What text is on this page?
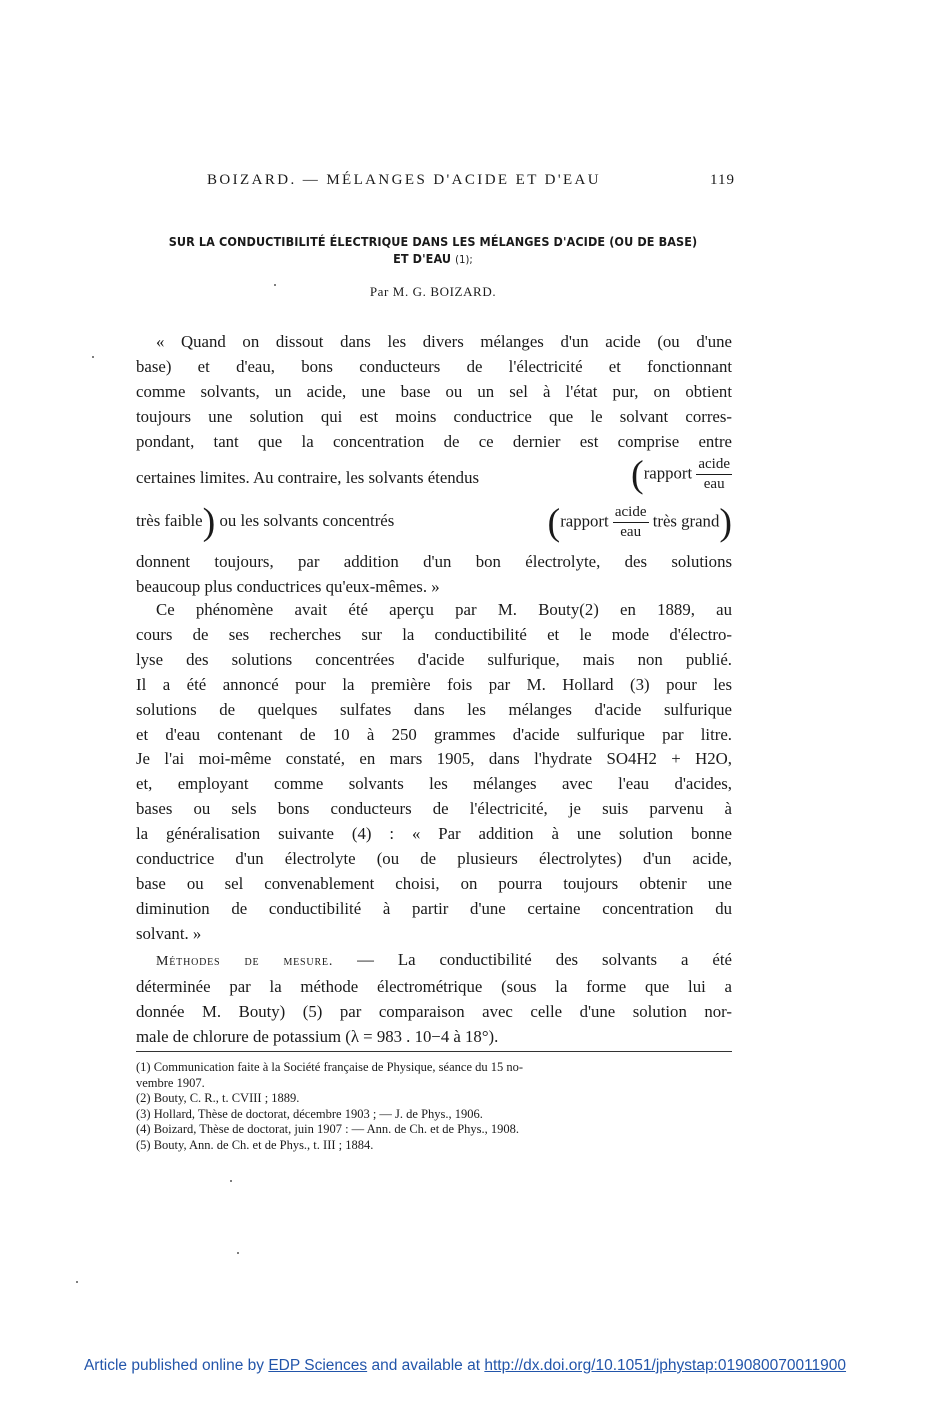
BOIZARD. — MÉLANGES D'ACIDE ET D'EAU	119
SUR LA CONDUCTIBILITÉ ÉLECTRIQUE DANS LES MÉLANGES D'ACIDE (OU DE BASE)
ET D'EAU (1);
Par M. G. BOIZARD.
« Quand on dissout dans les divers mélanges d'un acide (ou d'une
base) et d'eau, bons conducteurs de l'électricité et fonctionnant
comme solvants, un acide, une base ou un sel à l'état pur, on obtient
toujours une solution qui est moins conductrice que le solvant corres-
pondant, tant que la concentration de ce dernier est comprise entre
certaines limites. Au contraire, les solvants étendus	(rapport $\frac{\text{acide}}{\text{eau}}$
très faible) ou les solvants concentrés	(rapport $\frac{\text{acide}}{\text{eau}}$ très grand)
donnent toujours, par addition d'un bon électrolyte, des solutions
beaucoup plus conductrices qu'eux-mêmes. »
Ce phénomène avait été aperçu par M. Bouty(2) en 1889, au
cours de ses recherches sur la conductibilité et le mode d'électro-
lyse des solutions concentrées d'acide sulfurique, mais non publié.
Il a été annoncé pour la première fois par M. Hollard (3) pour les
solutions de quelques sulfates dans les mélanges d'acide sulfurique
et d'eau contenant de 10 à 250 grammes d'acide sulfurique par litre.
Je l'ai moi-même constaté, en mars 1905, dans l'hydrate SO4H2 + H2O,
et, employant comme solvants les mélanges avec l'eau d'acides,
bases ou sels bons conducteurs de l'électricité, je suis parvenu à
la généralisation suivante (4) : « Par addition à une solution bonne
conductrice d'un électrolyte (ou de plusieurs électrolytes) d'un acide,
base ou sel convenablement choisi, on pourra toujours obtenir une
diminution de conductibilité à partir d'une certaine concentration du
solvant. »
Méthodes de mesure. — La conductibilité des solvants a été
déterminée par la méthode électrométrique (sous la forme que lui a
donnée M. Bouty) (5) par comparaison avec celle d'une solution nor-
male de chlorure de potassium (λ = 983 . 10−4 à 18°).
(1) Communication faite à la Société française de Physique, séance du 15 no-
vembre 1907.
(2) Bouty, C. R., t. CVIII ; 1889.
(3) Hollard, Thèse de doctorat, décembre 1903 ; — J. de Phys., 1906.
(4) Boizard, Thèse de doctorat, juin 1907 : — Ann. de Ch. et de Phys., 1908.
(5) Bouty, Ann. de Ch. et de Phys., t. III ; 1884.
Article published online by EDP Sciences and available at http://dx.doi.org/10.1051/jphystap:019080070011900
